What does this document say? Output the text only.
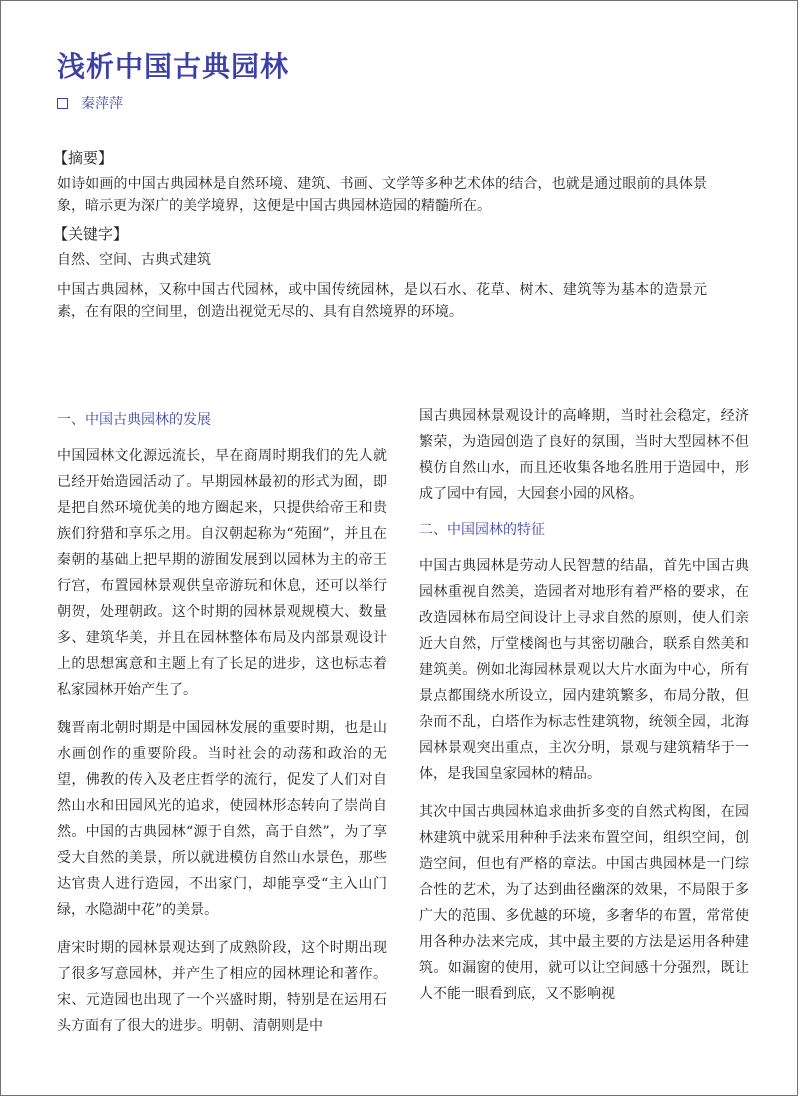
浅析中国古典园林
秦萍萍
【摘要】

如诗如画的中国古典园林是自然环境、建筑、书画、文学等多种艺术体的结合，也就是通过眼前的具体景象，暗示更为深广的美学境界，这便是中国古典园林造园的精髓所在。

【关键字】

自然、空间、古典式建筑

中国古典园林，又称中国古代园林，或中国传统园林，是以石水、花草、树木、建筑等为基本的造景元素，在有限的空间里，创造出视觉无尽的、具有自然境界的环境。

一、中国古典园林的发展

中国园林文化源远流长，早在商周时期我们的先人就已经开始造园活动了。早期园林最初的形式为囿，即是把自然环境优美的地方圈起来，只提供给帝王和贵族们狩猎和享乐之用。自汉朝起称为“苑囿”，并且在秦朝的基础上把早期的游囿发展到以园林为主的帝王行宫，布置园林景观供皇帝游玩和休息，还可以举行朝贺，处理朝政。这个时期的园林景观规模大、数量多、建筑华美，并且在园林整体布局及内部景观设计上的思想寓意和主题上有了长足的进步，这也标志着私家园林开始产生了。

魏晋南北朝时期是中国园林发展的重要时期，也是山水画创作的重要阶段。当时社会的动荡和政治的无望，佛教的传入及老庄哲学的流行，促发了人们对自然山水和田园风光的追求，使园林形态转向了崇尚自然。中国的古典园林“源于自然，高于自然”，为了享受大自然的美景，所以就进模仿自然山水景色，那些达官贵人进行造园，不出家门，却能享受“主入山门绿，水隐湖中花”的美景。

唐宋时期的园林景观达到了成熟阶段，这个时期出现了很多写意园林，并产生了相应的园林理论和著作。宋、元造园也出现了一个兴盛时期，特别是在运用石头方面有了很大的进步。明朝、清朝则是中

国古典园林景观设计的高峰期，当时社会稳定，经济繁荣，为造园创造了良好的氛围，当时大型园林不但模仿自然山水，而且还收集各地名胜用于造园中，形成了园中有园，大园套小园的风格。

二、中国园林的特征

中国古典园林是劳动人民智慧的结晶，首先中国古典园林重视自然美，造园者对地形有着严格的要求，在改造园林布局空间设计上寻求自然的原则，使人们亲近大自然，厅堂楼阁也与其密切融合，联系自然美和建筑美。例如北海园林景观以大片水面为中心，所有景点都围绕水所设立，园内建筑繁多，布局分散，但杂而不乱，白塔作为标志性建筑物，统领全园，北海园林景观突出重点，主次分明，景观与建筑精华于一体，是我国皇家园林的精品。

其次中国古典园林追求曲折多变的自然式构图，在园林建筑中就采用种种手法来布置空间，组织空间，创造空间，但也有严格的章法。中国古典园林是一门综合性的艺术，为了达到曲径幽深的效果，不局限于多广大的范围、多优越的环境，多奢华的布置，常常使用各种办法来完成，其中最主要的方法是运用各种建筑。如漏窗的使用，就可以让空间感十分强烈，既让人不能一眼看到底，又不影响视
